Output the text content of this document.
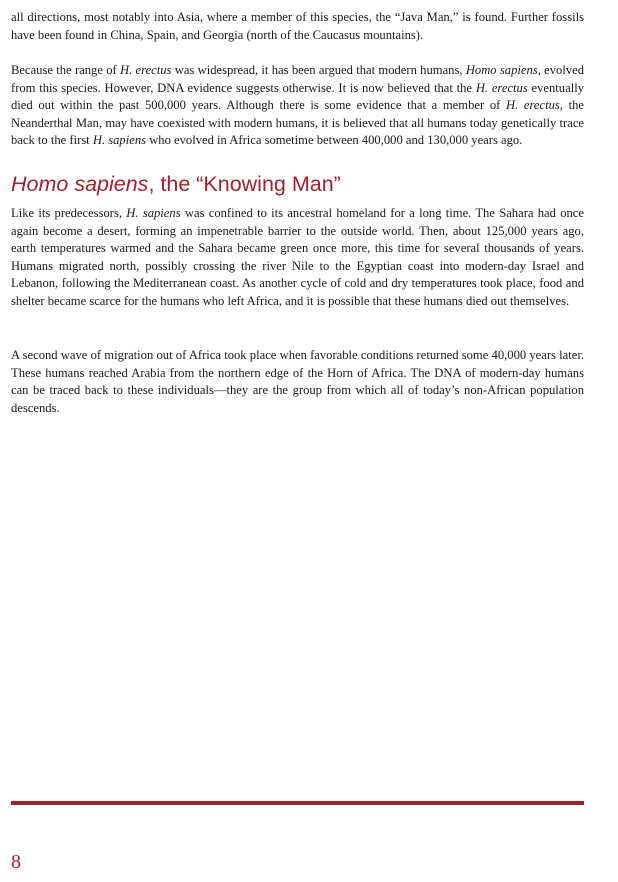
all directions, most notably into Asia, where a member of this species, the “Java Man,” is found. Further fossils have been found in China, Spain, and Georgia (north of the Caucasus mountains).

Because the range of H. erectus was widespread, it has been argued that modern humans, Homo sapiens, evolved from this species. However, DNA evidence suggests otherwise. It is now believed that the H. erectus eventually died out within the past 500,000 years. Although there is some evidence that a member of H. erectus, the Neanderthal Man, may have coexisted with modern humans, it is believed that all humans today genetically trace back to the first H. sapiens who evolved in Africa sometime between 400,000 and 130,000 years ago.

Homo sapiens, the “Knowing Man”

Like its predecessors, H. sapiens was confined to its ancestral homeland for a long time. The Sahara had once again become a desert, forming an impenetrable barrier to the outside world. Then, about 125,000 years ago, earth temperatures warmed and the Sahara became green once more, this time for several thousands of years. Humans migrated north, possibly crossing the river Nile to the Egyptian coast into modern-day Israel and Lebanon, following the Mediterranean coast. As another cycle of cold and dry temperatures took place, food and shelter became scarce for the humans who left Africa, and it is possible that these humans died out themselves.

A second wave of migration out of Africa took place when favorable conditions returned some 40,000 years later. These humans reached Arabia from the northern edge of the Horn of Africa. The DNA of modern-day humans can be traced back to these individuals—they are the group from which all of today’s non-African population descends.

8
